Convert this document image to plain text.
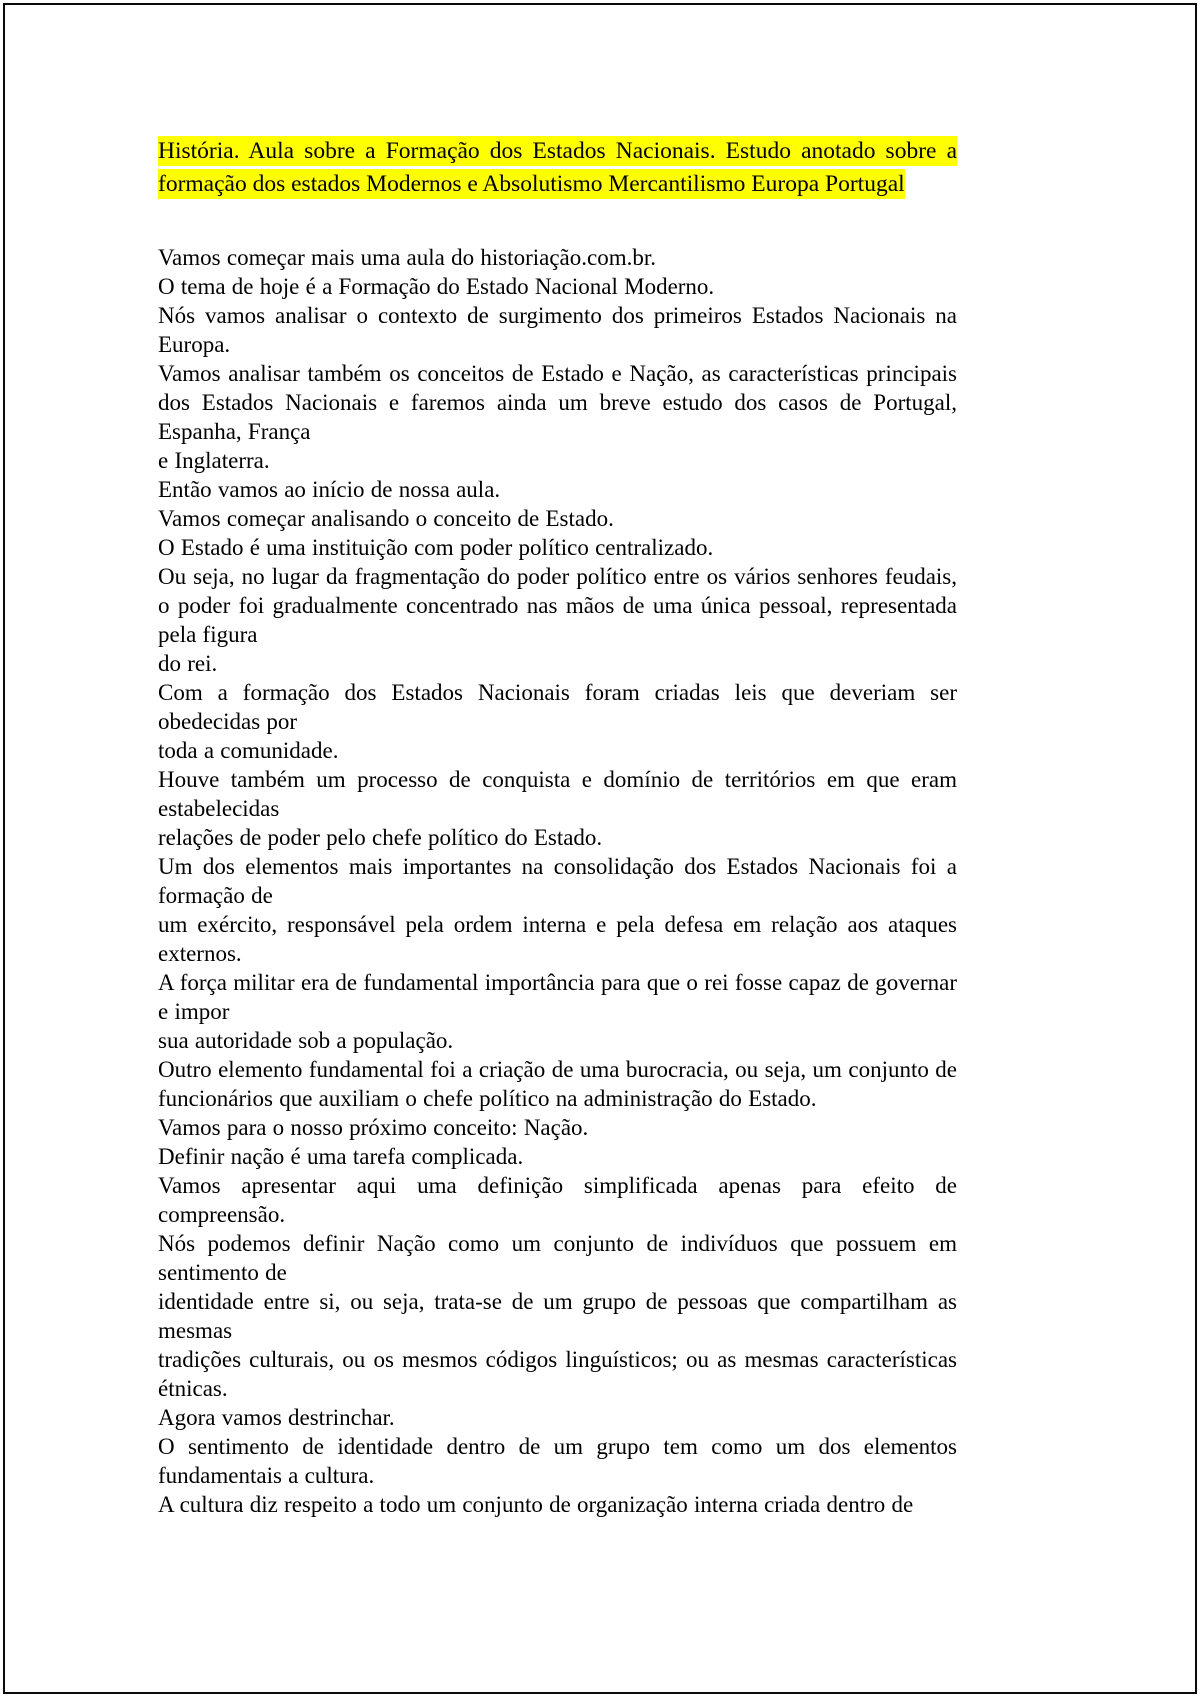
História. Aula sobre a Formação dos Estados Nacionais. Estudo anotado sobre a formação dos estados Modernos e Absolutismo Mercantilismo Europa Portugal

Vamos começar mais uma aula do historiação.com.br.

O tema de hoje é a Formação do Estado Nacional Moderno.

Nós vamos analisar o contexto de surgimento dos primeiros Estados Nacionais na Europa.

Vamos analisar também os conceitos de Estado e Nação, as características principais dos Estados Nacionais e faremos ainda um breve estudo dos casos de Portugal, Espanha, França

e Inglaterra.

Então vamos ao início de nossa aula.

Vamos começar analisando o conceito de Estado.

O Estado é uma instituição com poder político centralizado.

Ou seja, no lugar da fragmentação do poder político entre os vários senhores feudais, o poder foi gradualmente concentrado nas mãos de uma única pessoal, representada pela figura

do rei.

Com a formação dos Estados Nacionais foram criadas leis que deveriam ser obedecidas por

toda a comunidade.

Houve também um processo de conquista e domínio de territórios em que eram estabelecidas

relações de poder pelo chefe político do Estado.

Um dos elementos mais importantes na consolidação dos Estados Nacionais foi a formação de

um exército, responsável pela ordem interna e pela defesa em relação aos ataques externos.

A força militar era de fundamental importância para que o rei fosse capaz de governar e impor

sua autoridade sob a população.

Outro elemento fundamental foi a criação de uma burocracia, ou seja, um conjunto de funcionários que auxiliam o chefe político na administração do Estado.

Vamos para o nosso próximo conceito: Nação.

Definir nação é uma tarefa complicada.

Vamos apresentar aqui uma definição simplificada apenas para efeito de compreensão.

Nós podemos definir Nação como um conjunto de indivíduos que possuem em sentimento de

identidade entre si, ou seja, trata-se de um grupo de pessoas que compartilham as mesmas

tradições culturais, ou os mesmos códigos linguísticos; ou as mesmas características étnicas.

Agora vamos destrinchar.

O sentimento de identidade dentro de um grupo tem como um dos elementos fundamentais a cultura.

A cultura diz respeito a todo um conjunto de organização interna criada dentro de
